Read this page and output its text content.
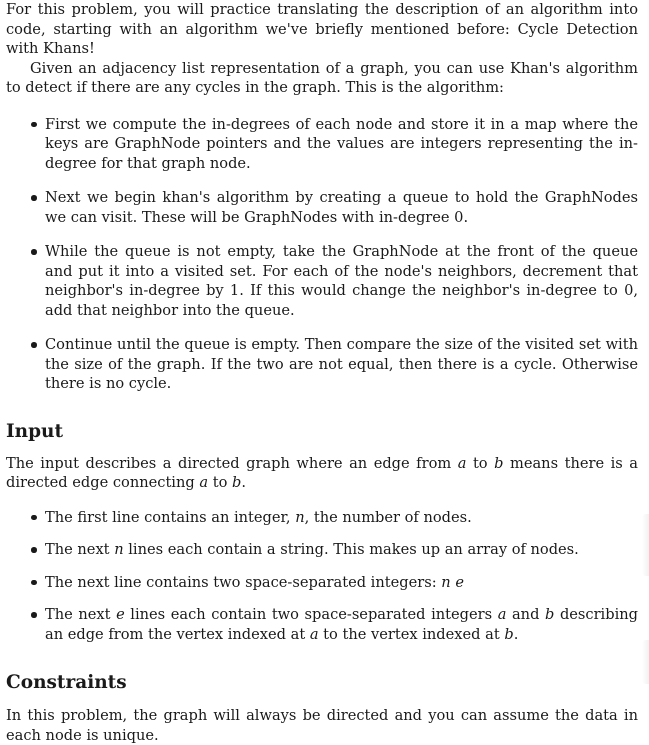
For this problem, you will practice translating the description of an algorithm into code, starting with an algorithm we've briefly mentioned before: Cycle Detection with Khans!

Given an adjacency list representation of a graph, you can use Khan's algorithm to detect if there are any cycles in the graph. This is the algorithm:

First we compute the in-degrees of each node and store it in a map where the keys are GraphNode pointers and the values are integers representing the in-degree for that graph node.
Next we begin khan's algorithm by creating a queue to hold the GraphNodes we can visit. These will be GraphNodes with in-degree 0.
While the queue is not empty, take the GraphNode at the front of the queue and put it into a visited set. For each of the node's neighbors, decrement that neighbor's in-degree by 1. If this would change the neighbor's in-degree to 0, add that neighbor into the queue.
Continue until the queue is empty. Then compare the size of the visited set with the size of the graph. If the two are not equal, then there is a cycle. Otherwise there is no cycle.
Input

The input describes a directed graph where an edge from a to b means there is a directed edge connecting a to b.

The first line contains an integer, n, the number of nodes.
The next n lines each contain a string. This makes up an array of nodes.
The next line contains two space-separated integers: n e
The next e lines each contain two space-separated integers a and b describing an edge from the vertex indexed at a to the vertex indexed at b.
Constraints

In this problem, the graph will always be directed and you can assume the data in each node is unique.
